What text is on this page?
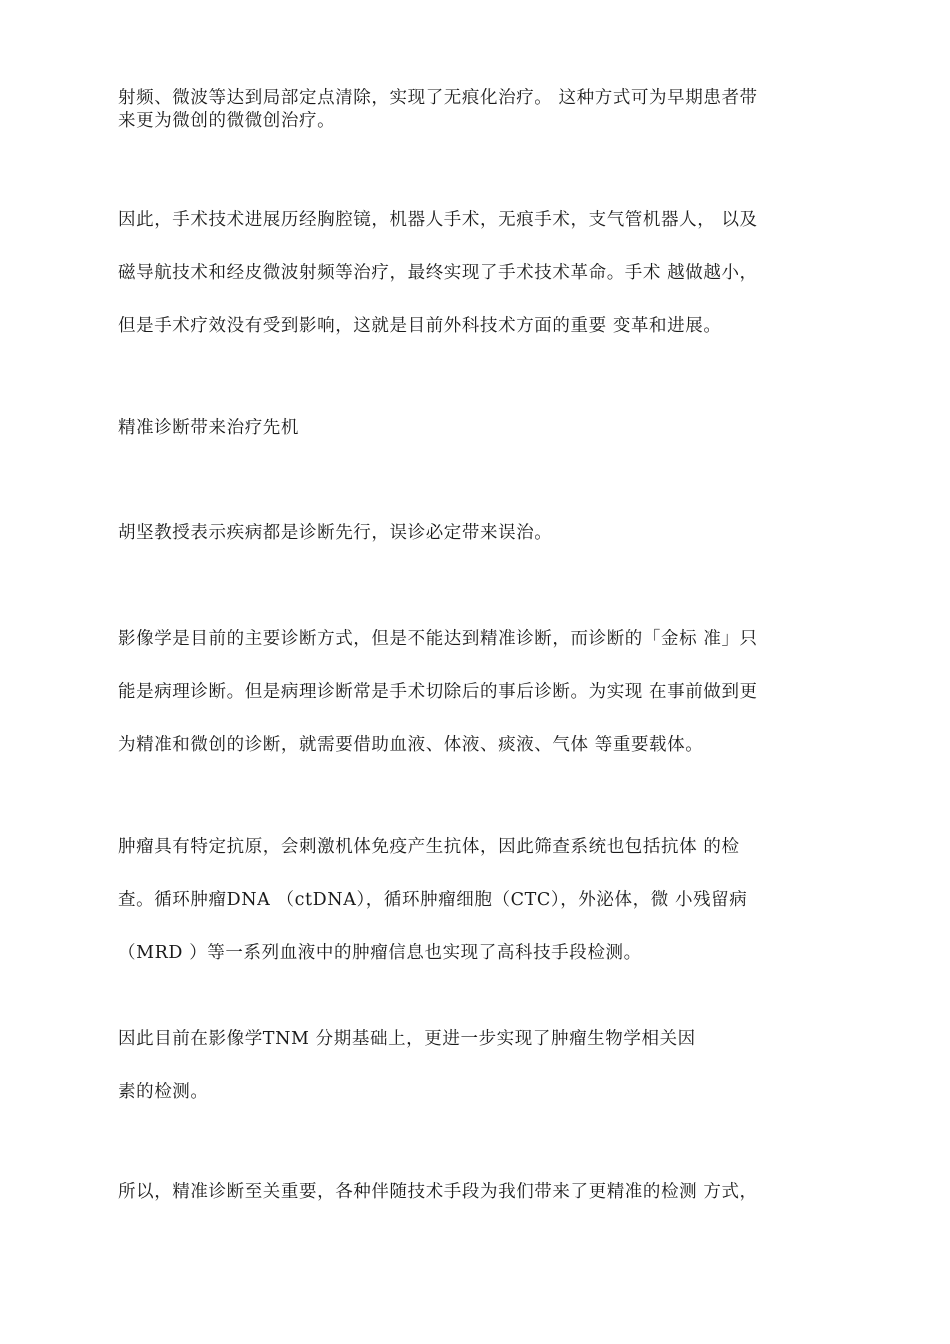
射频、微波等达到局部定点清除，实现了无痕化治疗。 这种方式可为早期患者带
来更为微创的微微创治疗。
因此，手术技术进展历经胸腔镜，机器人手术，无痕手术，支气管机器人， 以及
磁导航技术和经皮微波射频等治疗，最终实现了手术技术革命。手术 越做越小，
但是手术疗效没有受到影响，这就是目前外科技术方面的重要 变革和进展。
精准诊断带来治疗先机
胡坚教授表示疾病都是诊断先行，误诊必定带来误治。
影像学是目前的主要诊断方式，但是不能达到精准诊断，而诊断的「金标 准」只
能是病理诊断。但是病理诊断常是手术切除后的事后诊断。为实现 在事前做到更
为精准和微创的诊断，就需要借助血液、体液、痰液、气体 等重要载体。
肿瘤具有特定抗原，会刺激机体免疫产生抗体，因此筛查系统也包括抗体 的检
查。循环肿瘤DNA （ctDNA），循环肿瘤细胞（CTC），外泌体，微 小残留病
（MRD ）等一系列血液中的肿瘤信息也实现了高科技手段检测。
因此目前在影像学TNM 分期基础上，更进一步实现了肿瘤生物学相关因
素的检测。
所以，精准诊断至关重要，各种伴随技术手段为我们带来了更精准的检测 方式，
